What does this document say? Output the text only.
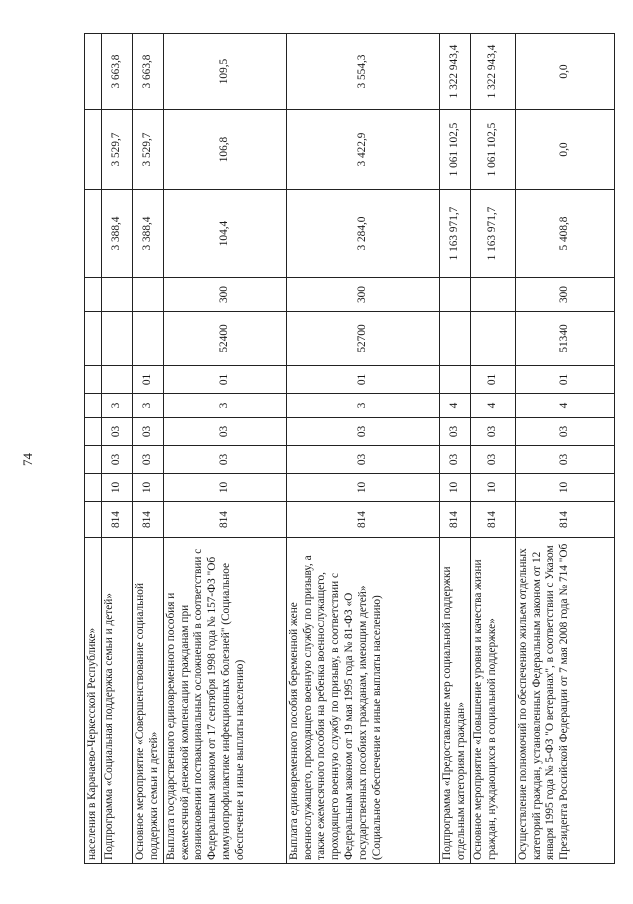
74
населения в Карачаево-Черкесской Республике»											
Подпрограмма «Социальная поддержка семьи и детей»	814	10	03	03	3				3 388,4	3 529,7	3 663,8
Основное мероприятие «Совершенствование социальной поддержки семьи и детей»	814	10	03	03	3	01			3 388,4	3 529,7	3 663,8
Выплата государственного единовременного пособия и ежемесячной денежной компенсации гражданам при возникновении поствакцинальных осложнений в соответствии с Федеральным законом от 17 сентября 1998 года № 157-ФЗ "Об иммунопрофилактике инфекционных болезней" (Социальное обеспечение и иные выплаты населению)	814	10	03	03	3	01	52400	300	104,4	106,8	109,5
Выплата единовременного пособия беременной жене военнослужащего, проходящего военную службу по призыву, а также ежемесячного пособия на ребенка военнослужащего, проходящего военную службу по призыву, в соответствии с Федеральным законом от 19 мая 1995 года № 81-ФЗ «О государственных пособиях гражданам, имеющим детей» (Социальное обеспечение и иные выплаты населению)	814	10	03	03	3	01	52700	300	3 284,0	3 422,9	3 554,3
Подпрограмма «Предоставление мер социальной поддержки отдельным категориям граждан»	814	10	03	03	4				1 163 971,7	1 061 102,5	1 322 943,4
Основное мероприятие «Повышение уровня и качества жизни граждан, нуждающихся в социальной поддержке»	814	10	03	03	4	01			1 163 971,7	1 061 102,5	1 322 943,4
Осуществление полномочий по обеспечению жильем отдельных категорий граждан, установленных Федеральным законом от 12 января 1995 года № 5-ФЗ "О ветеранах", в соответствии с Указом Президента Российской Федерации от 7 мая 2008 года № 714 "Об	814	10	03	03	4	01	51340	300	5 408,8	0,0	0,0
